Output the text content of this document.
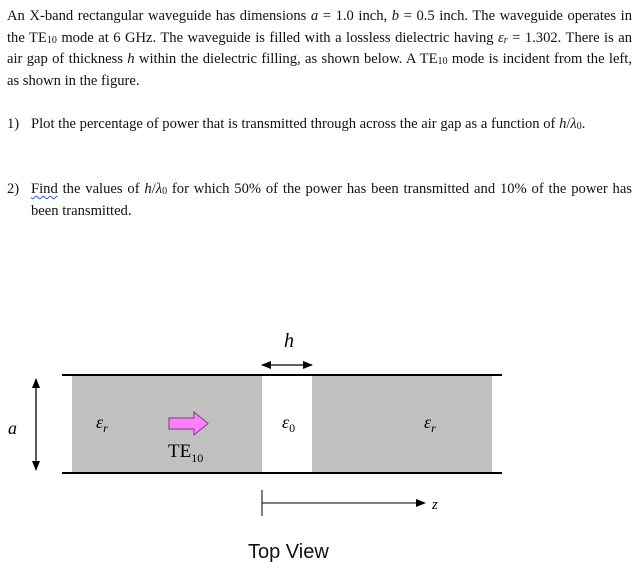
An X-band rectangular waveguide has dimensions a = 1.0 inch, b = 0.5 inch. The waveguide operates in the $TE_{10}$ mode at 6 GHz. The waveguide is filled with a lossless dielectric having $\varepsilon_r = 1.302$. There is an air gap of thickness h within the dielectric filling, as shown below. A $TE_{10}$ mode is incident from the left, as shown in the figure.

1) Plot the percentage of power that is transmitted through across the air gap as a function of $h/\lambda_0$.
2) Find the values of $h/\lambda_0$ for which 50% of the power has been transmitted and 10% of the power has been transmitted.
h
a	$\varepsilon_r$	$\varepsilon_0$	$\varepsilon_r$
$TE_{10}$
z
Top View
